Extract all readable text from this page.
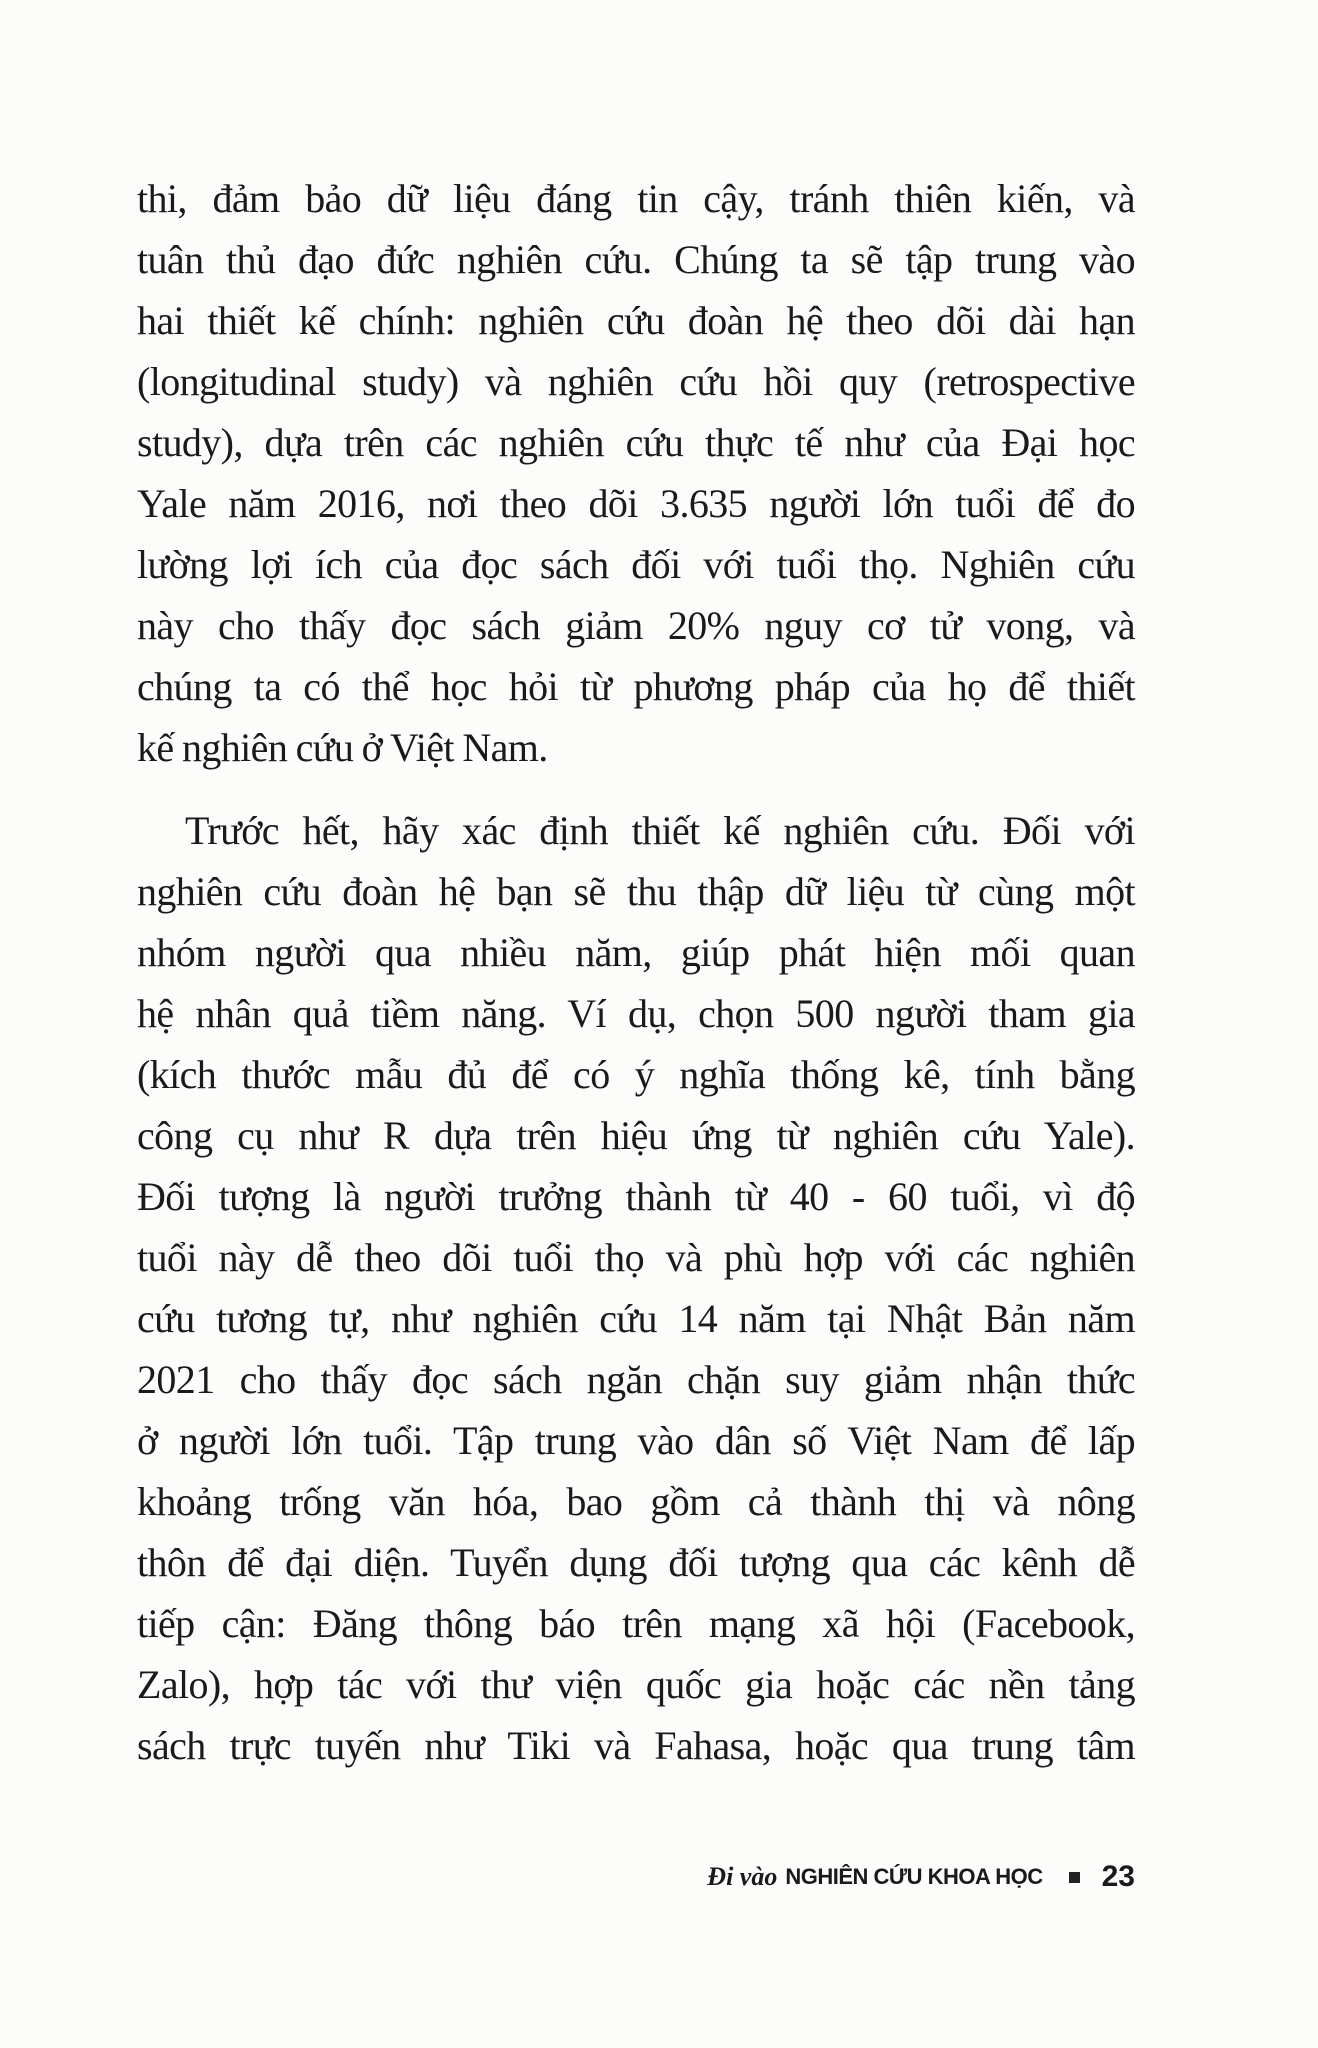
thi, đảm bảo dữ liệu đáng tin cậy, tránh thiên kiến, và
tuân thủ đạo đức nghiên cứu. Chúng ta sẽ tập trung vào
hai thiết kế chính: nghiên cứu đoàn hệ theo dõi dài hạn
(longitudinal study) và nghiên cứu hồi quy (retrospective
study), dựa trên các nghiên cứu thực tế như của Đại học
Yale năm 2016, nơi theo dõi 3.635 người lớn tuổi để đo
lường lợi ích của đọc sách đối với tuổi thọ. Nghiên cứu
này cho thấy đọc sách giảm 20% nguy cơ tử vong, và
chúng ta có thể học hỏi từ phương pháp của họ để thiết
kế nghiên cứu ở Việt Nam.
Trước hết, hãy xác định thiết kế nghiên cứu. Đối với
nghiên cứu đoàn hệ bạn sẽ thu thập dữ liệu từ cùng một
nhóm người qua nhiều năm, giúp phát hiện mối quan
hệ nhân quả tiềm năng. Ví dụ, chọn 500 người tham gia
(kích thước mẫu đủ để có ý nghĩa thống kê, tính bằng
công cụ như R dựa trên hiệu ứng từ nghiên cứu Yale).
Đối tượng là người trưởng thành từ 40 - 60 tuổi, vì độ
tuổi này dễ theo dõi tuổi thọ và phù hợp với các nghiên
cứu tương tự, như nghiên cứu 14 năm tại Nhật Bản năm
2021 cho thấy đọc sách ngăn chặn suy giảm nhận thức
ở người lớn tuổi. Tập trung vào dân số Việt Nam để lấp
khoảng trống văn hóa, bao gồm cả thành thị và nông
thôn để đại diện. Tuyển dụng đối tượng qua các kênh dễ
tiếp cận: Đăng thông báo trên mạng xã hội (Facebook,
Zalo), hợp tác với thư viện quốc gia hoặc các nền tảng
sách trực tuyến như Tiki và Fahasa, hoặc qua trung tâm
Đi vào NGHIÊN CỨU KHOA HỌC 23
